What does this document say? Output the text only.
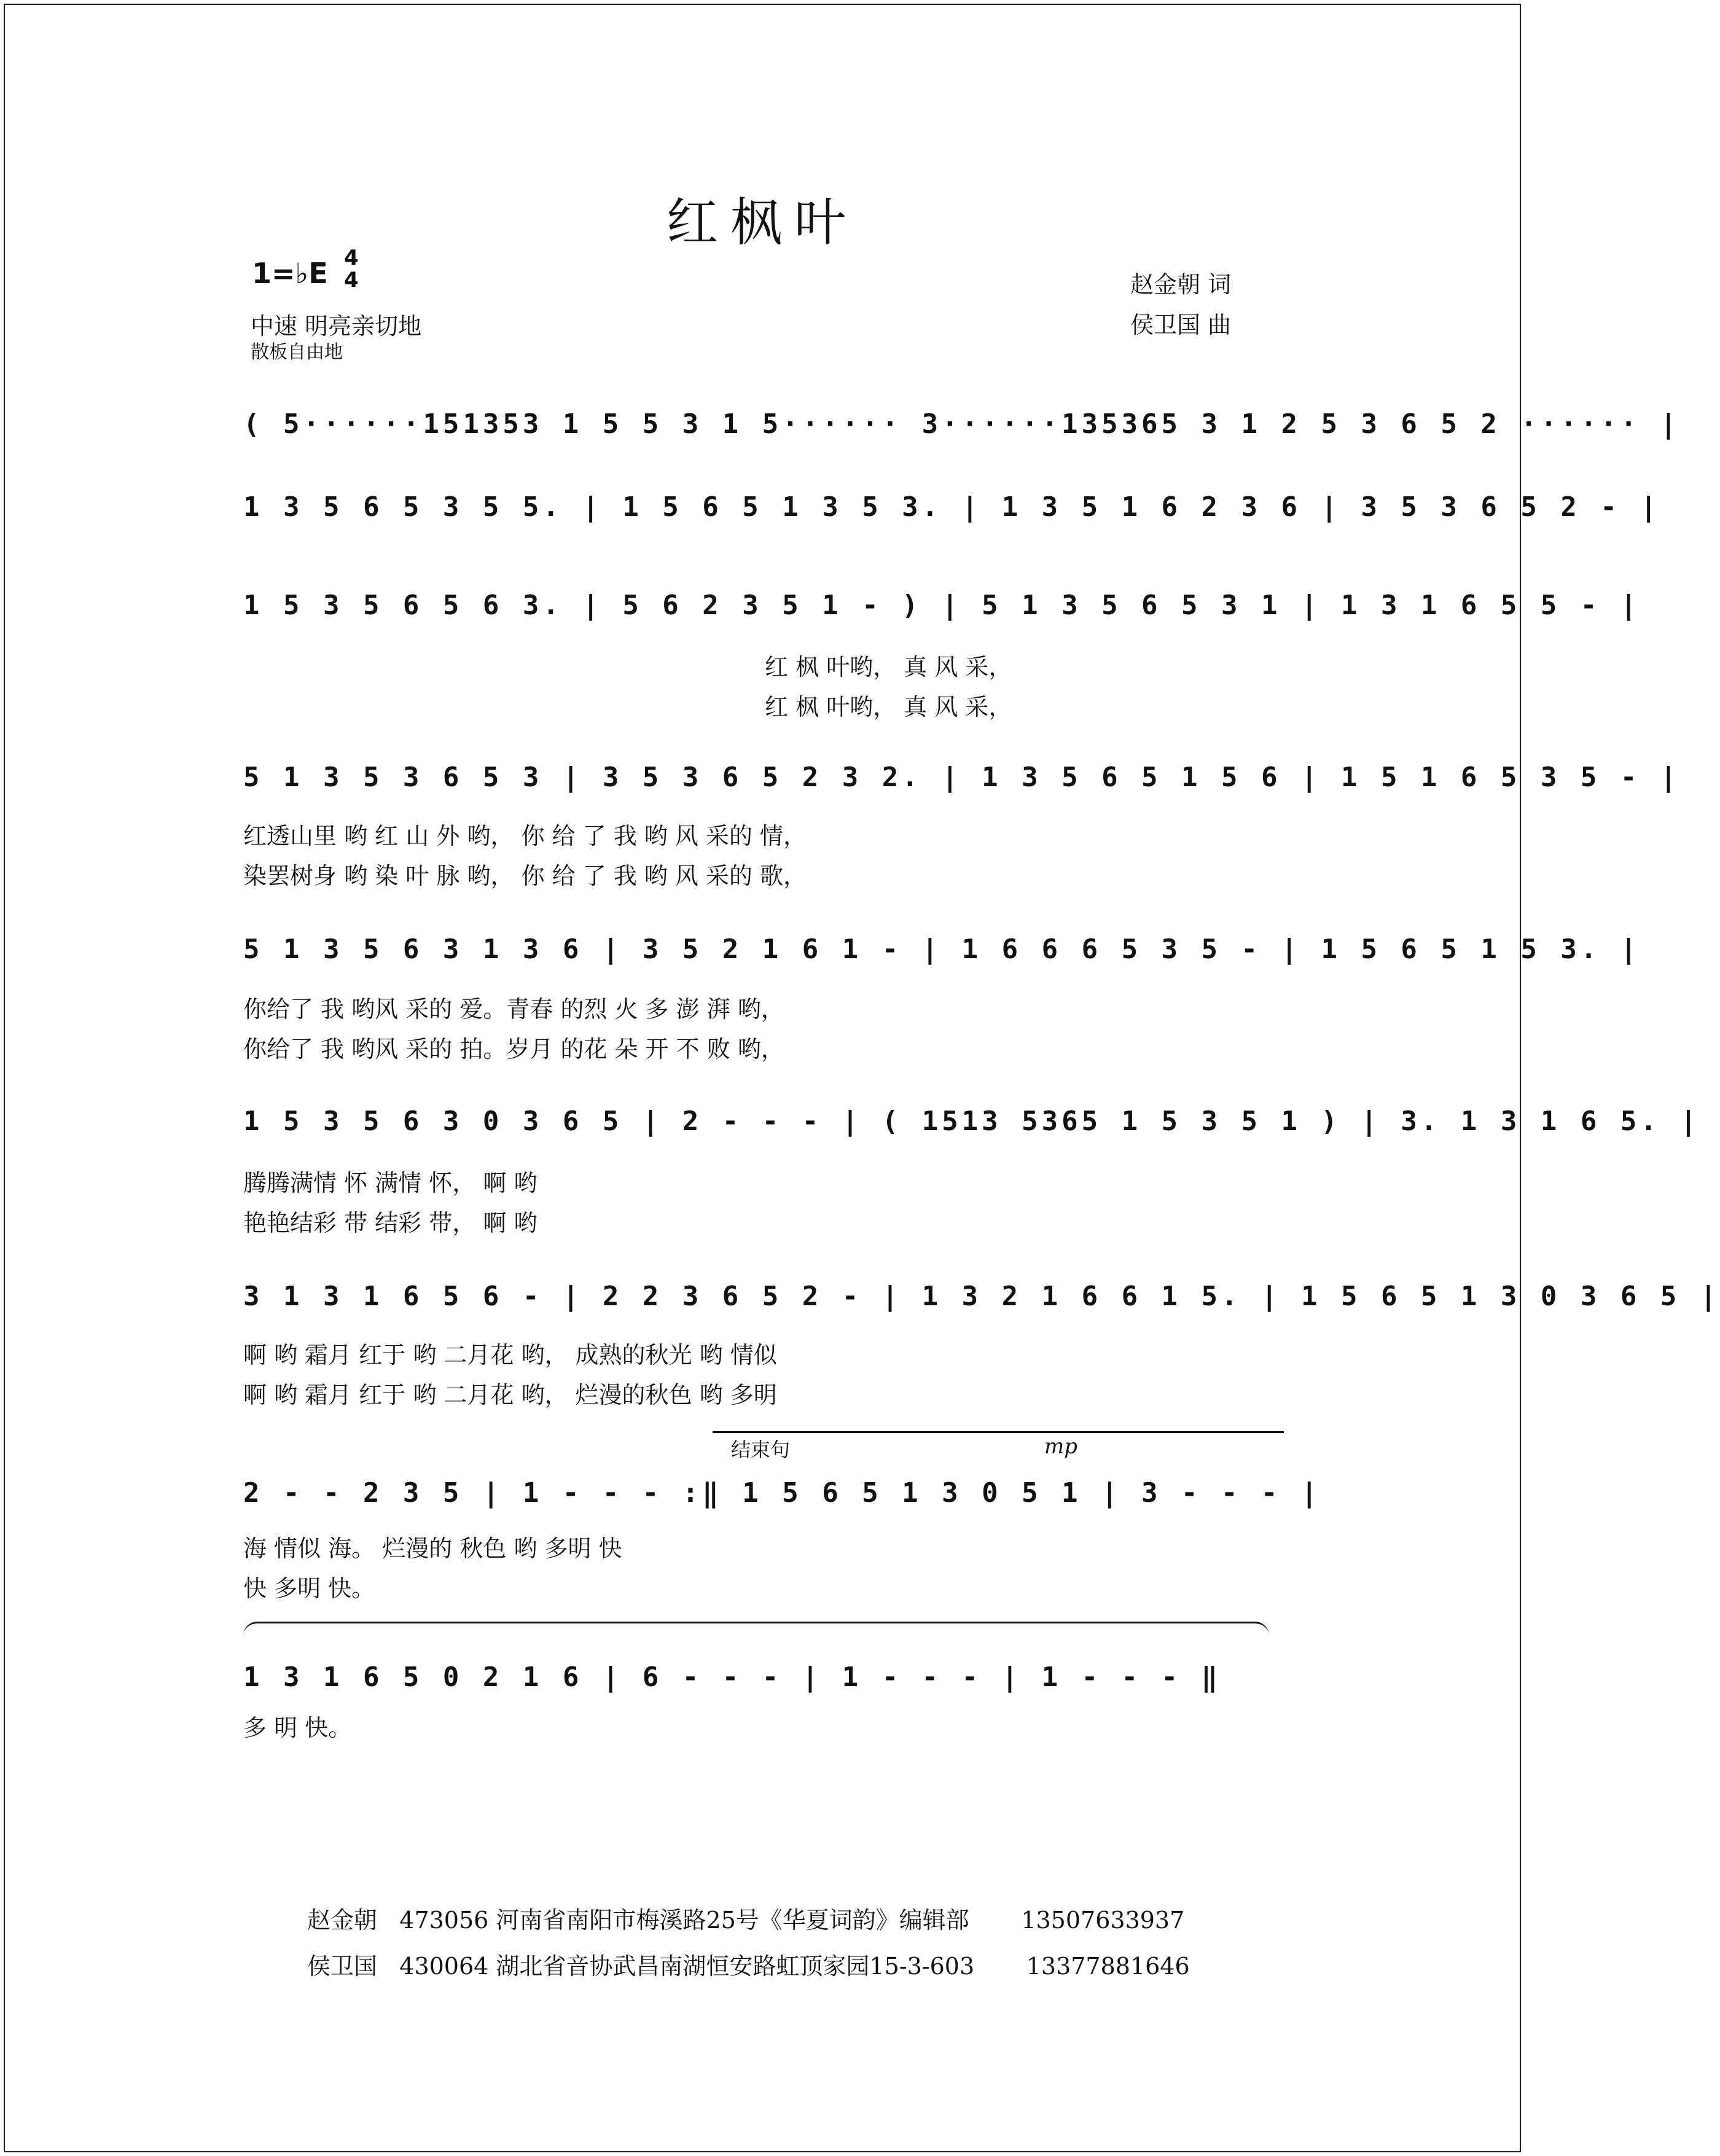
红枫叶
1=♭E 4
4
中速 明亮亲切地
散板自由地
赵金朝 词
侯卫国 曲
( 5······151353 1 5 5 3 1 5······ 3······135365 3 1 2 5 3 6 5 2 ······ |
1 3 5 6 5 3 5 5. | 1 5 6 5 1 3 5 3. | 1 3 5 1 6 2 3 6 | 3 5 3 6 5 2 - |
1 5 3 5 6 5 6 3. | 5 6 2 3 5 1 - ) | 5 1 3 5 6 5 3 1 | 1 3 1 6 5 5 - |
红 枫 叶哟， 真 风 采，
红 枫 叶哟， 真 风 采，
5 1 3 5 3 6 5 3 | 3 5 3 6 5 2 3 2. | 1 3 5 6 5 1 5 6 | 1 5 1 6 5 3 5 - |
红透山里 哟 红 山 外 哟， 你 给 了 我 哟 风 采的 情，
染罢树身 哟 染 叶 脉 哟， 你 给 了 我 哟 风 采的 歌，
5 1 3 5 6 3 1 3 6 | 3 5 2 1 6 1 - | 1 6 6 6 5 3 5 - | 1 5 6 5 1 5 3. |
你给了 我 哟风 采的 爱。青春 的烈 火 多 澎 湃 哟，
你给了 我 哟风 采的 拍。岁月 的花 朵 开 不 败 哟，
1 5 3 5 6 3 0 3 6 5 | 2 - - - | ( 1513 5365 1 5 3 5 1 ) | 3. 1 3 1 6 5. |
腾腾满情 怀 满情 怀， 啊 哟
艳艳结彩 带 结彩 带， 啊 哟
3 1 3 1 6 5 6 - | 2 2 3 6 5 2 - | 1 3 2 1 6 6 1 5. | 1 5 6 5 1 3 0 3 6 5 |
啊 哟 霜月 红于 哟 二月花 哟， 成熟的秋光 哟 情似
啊 哟 霜月 红于 哟 二月花 哟， 烂漫的秋色 哟 多明
结束句	mp
2 - - 2 3 5 | 1 - - - :‖ 1 5 6 5 1 3 0 5 1 | 3 - - - |
海 情似 海。 烂漫的 秋色 哟 多明 快
快 多明 快。
1 3 1 6 5 0 2 1 6 | 6 - - - | 1 - - - | 1 - - - ‖
多 明 快。
赵金朝 473056 河南省南阳市梅溪路25号《华夏词韵》编辑部 13507633937
侯卫国 430064 湖北省音协武昌南湖恒安路虹顶家园15-3-603 13377881646
